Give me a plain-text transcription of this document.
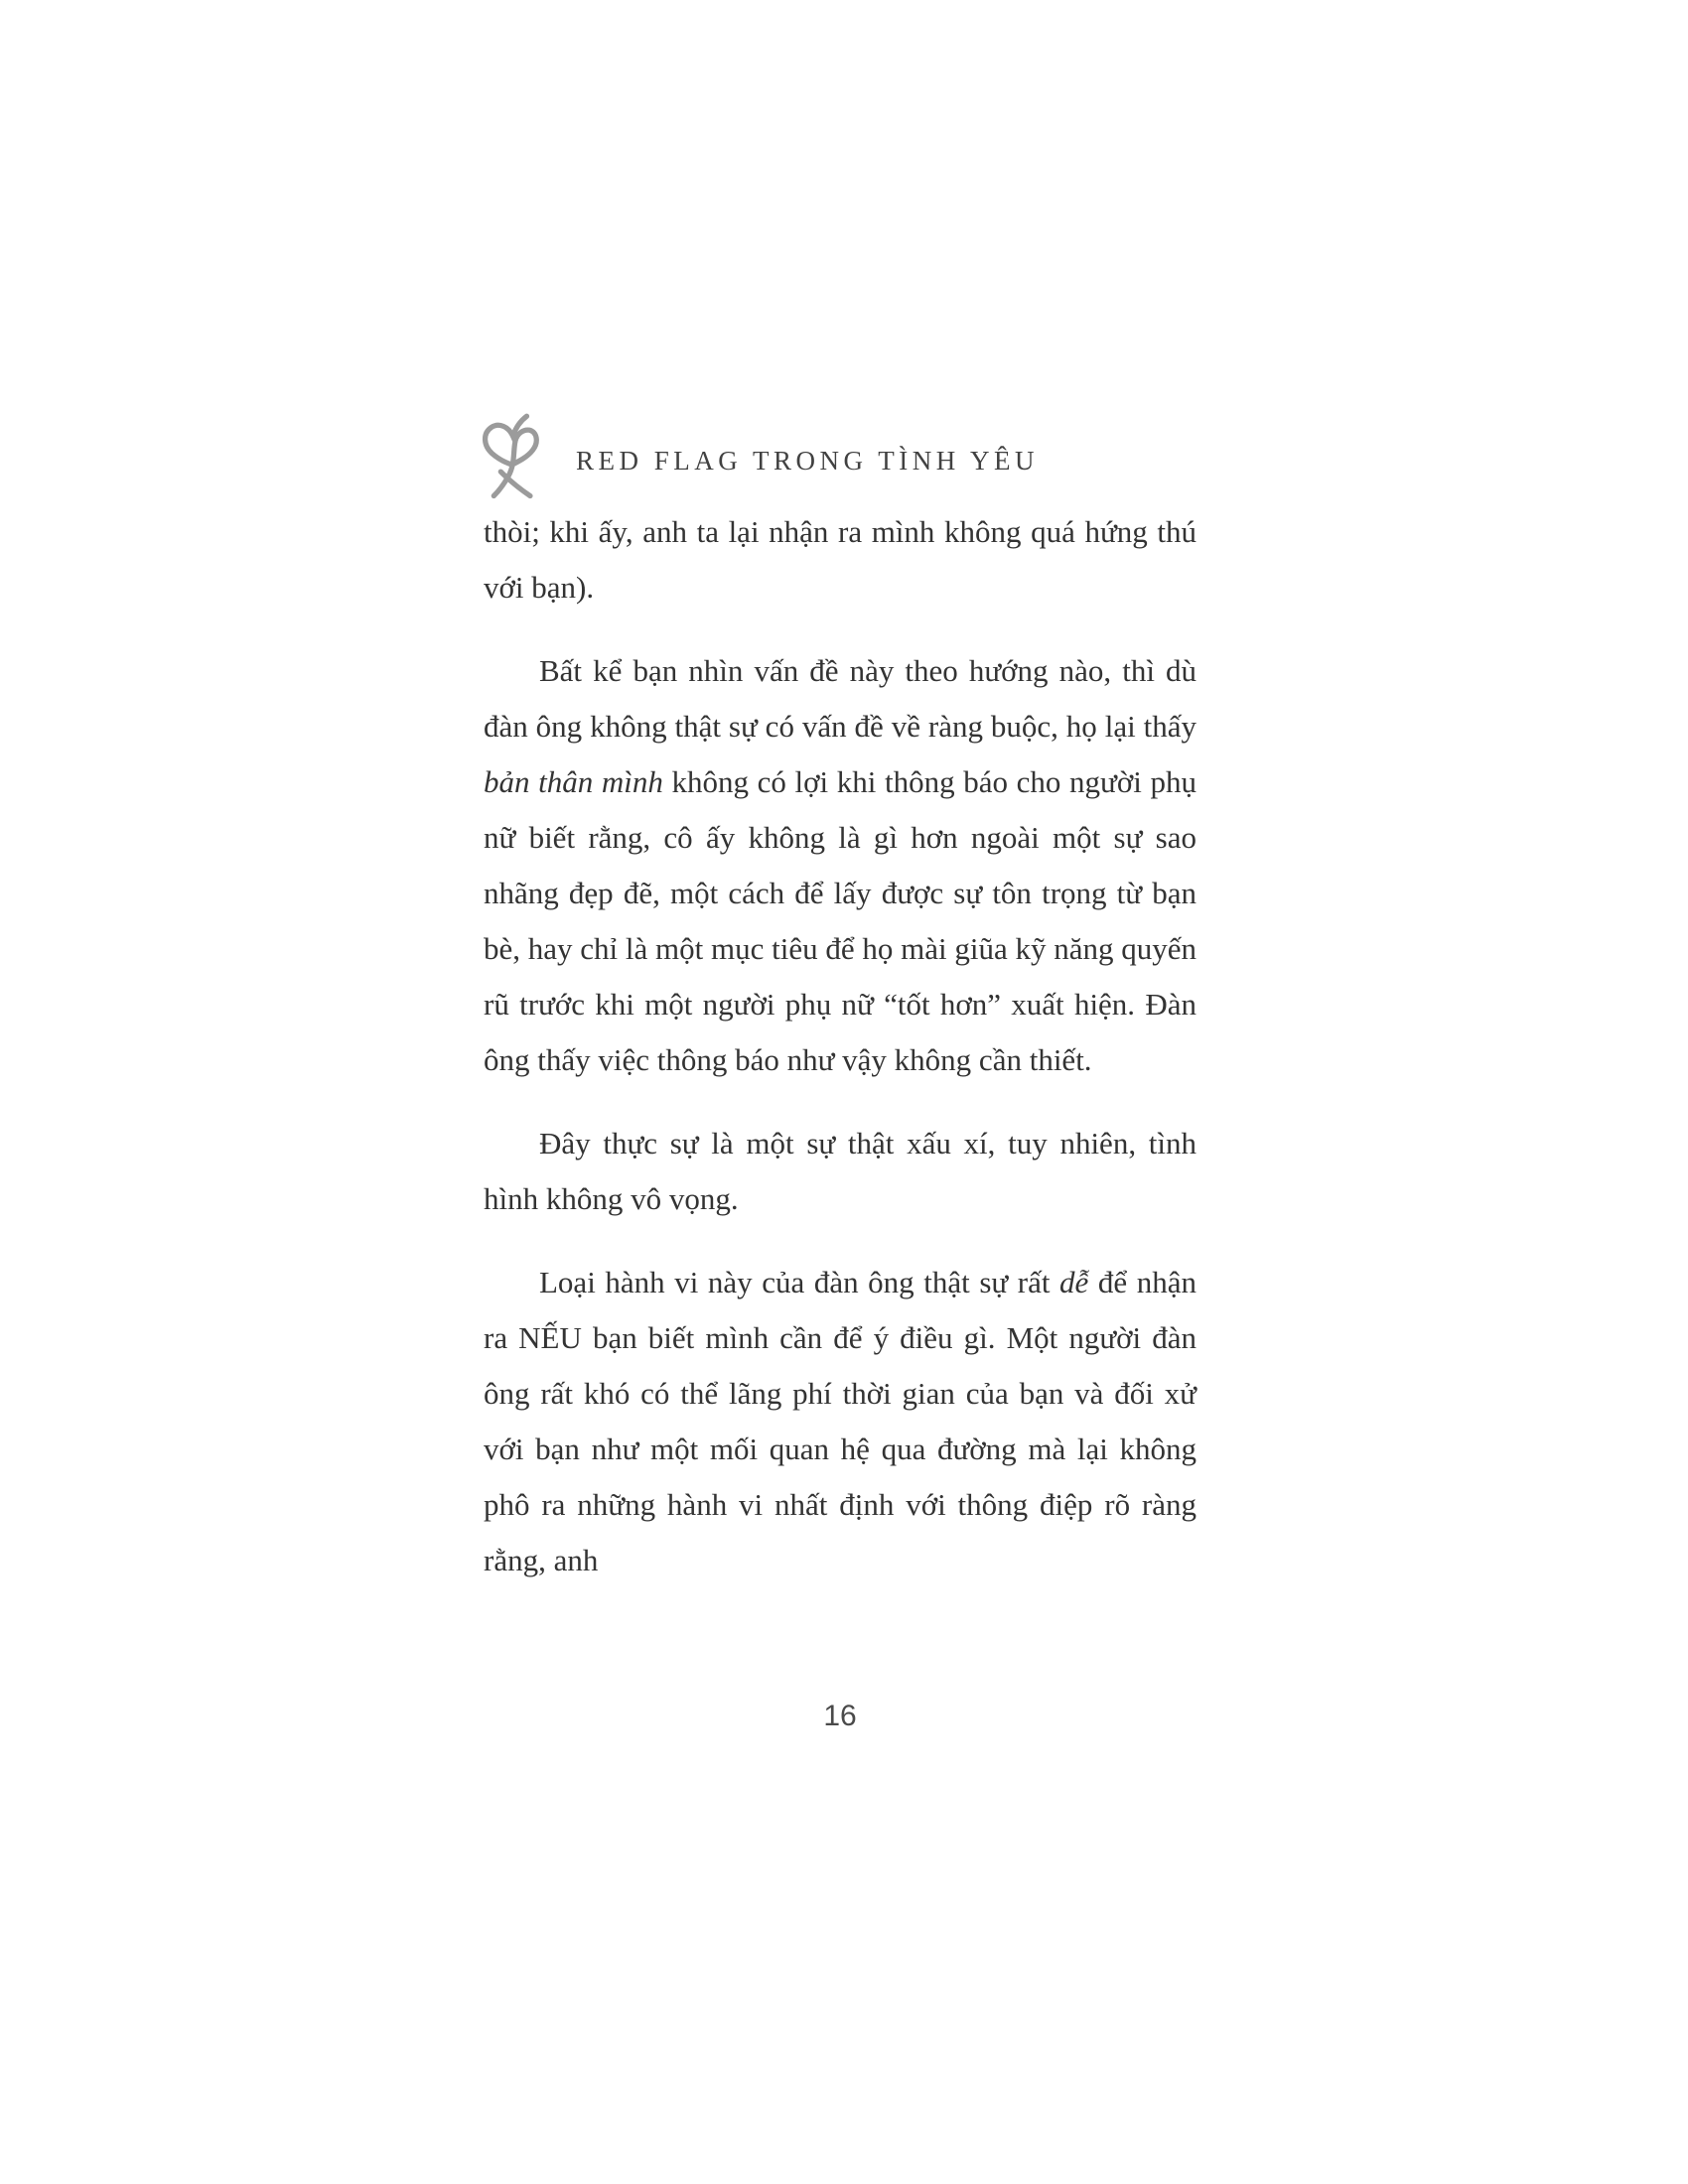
RED FLAG TRONG TÌNH YÊU

thòi; khi ấy, anh ta lại nhận ra mình không quá hứng thú với bạn).

Bất kể bạn nhìn vấn đề này theo hướng nào, thì dù đàn ông không thật sự có vấn đề về ràng buộc, họ lại thấy bản thân mình không có lợi khi thông báo cho người phụ nữ biết rằng, cô ấy không là gì hơn ngoài một sự sao nhãng đẹp đẽ, một cách để lấy được sự tôn trọng từ bạn bè, hay chỉ là một mục tiêu để họ mài giũa kỹ năng quyến rũ trước khi một người phụ nữ “tốt hơn” xuất hiện. Đàn ông thấy việc thông báo như vậy không cần thiết.

Đây thực sự là một sự thật xấu xí, tuy nhiên, tình hình không vô vọng.

Loại hành vi này của đàn ông thật sự rất dễ để nhận ra NẾU bạn biết mình cần để ý điều gì. Một người đàn ông rất khó có thể lãng phí thời gian của bạn và đối xử với bạn như một mối quan hệ qua đường mà lại không phô ra những hành vi nhất định với thông điệp rõ ràng rằng, anh

16
